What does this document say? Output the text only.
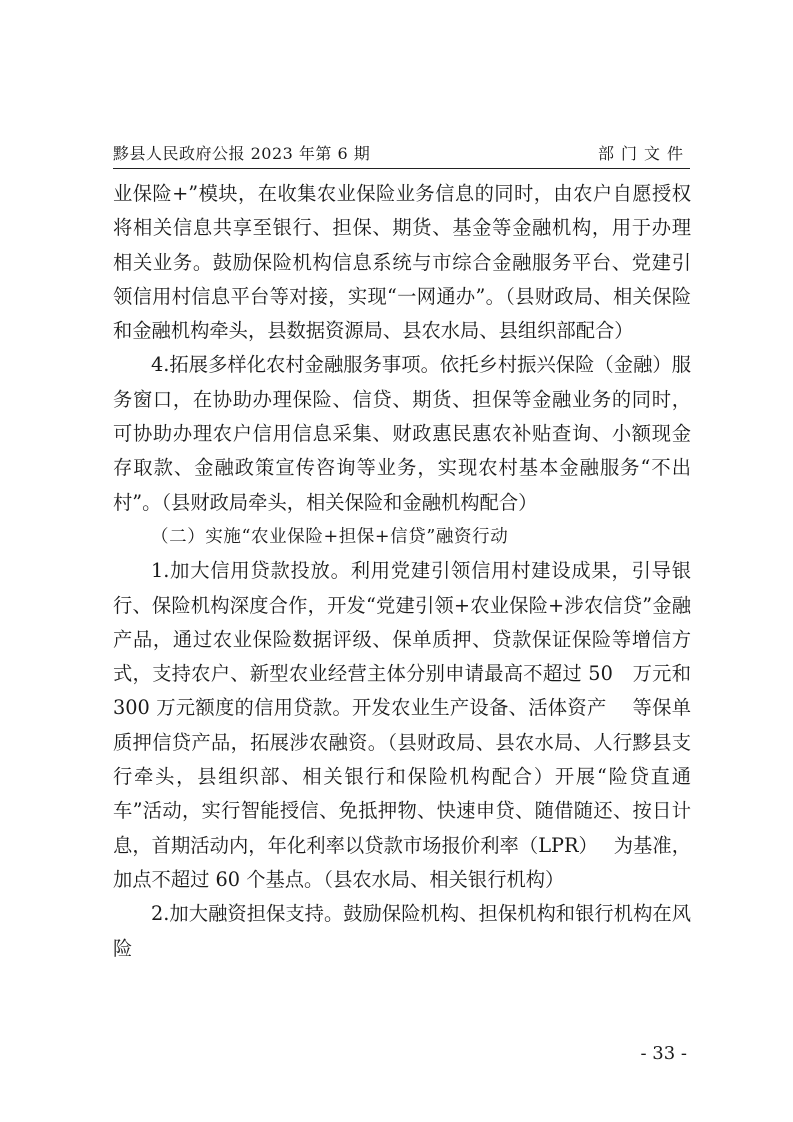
黟县人民政府公报 2023 年第 6 期	部门文件

业保险+”模块，在收集农业保险业务信息的同时，由农户自愿授权将相关信息共享至银行、担保、期货、基金等金融机构，用于办理相关业务。鼓励保险机构信息系统与市综合金融服务平台、党建引领信用村信息平台等对接，实现“一网通办”。（县财政局、相关保险和金融机构牵头，县数据资源局、县农水局、县组织部配合）

4.拓展多样化农村金融服务事项。依托乡村振兴保险（金融）服务窗口，在协助办理保险、信贷、期货、担保等金融业务的同时，可协助办理农户信用信息采集、财政惠民惠农补贴查询、小额现金存取款、金融政策宣传咨询等业务，实现农村基本金融服务“不出村”。（县财政局牵头，相关保险和金融机构配合）

（二）实施“农业保险+担保+信贷”融资行动

1.加大信用贷款投放。利用党建引领信用村建设成果，引导银行、保险机构深度合作，开发“党建引领+农业保险+涉农信贷”金融产品，通过农业保险数据评级、保单质押、贷款保证保险等增信方式，支持农户、新型农业经营主体分别申请最高不超过 50　万元和 300 万元额度的信用贷款。开发农业生产设备、活体资产　 等保单质押信贷产品，拓展涉农融资。（县财政局、县农水局、人行黟县支行牵头，县组织部、相关银行和保险机构配合）开展“险贷直通车”活动，实行智能授信、免抵押物、快速申贷、随借随还、按日计息，首期活动内，年化利率以贷款市场报价利率（LPR）　 为基准，加点不超过 60 个基点。（县农水局、相关银行机构）

2.加大融资担保支持。鼓励保险机构、担保机构和银行机构在风险

- 33 -
